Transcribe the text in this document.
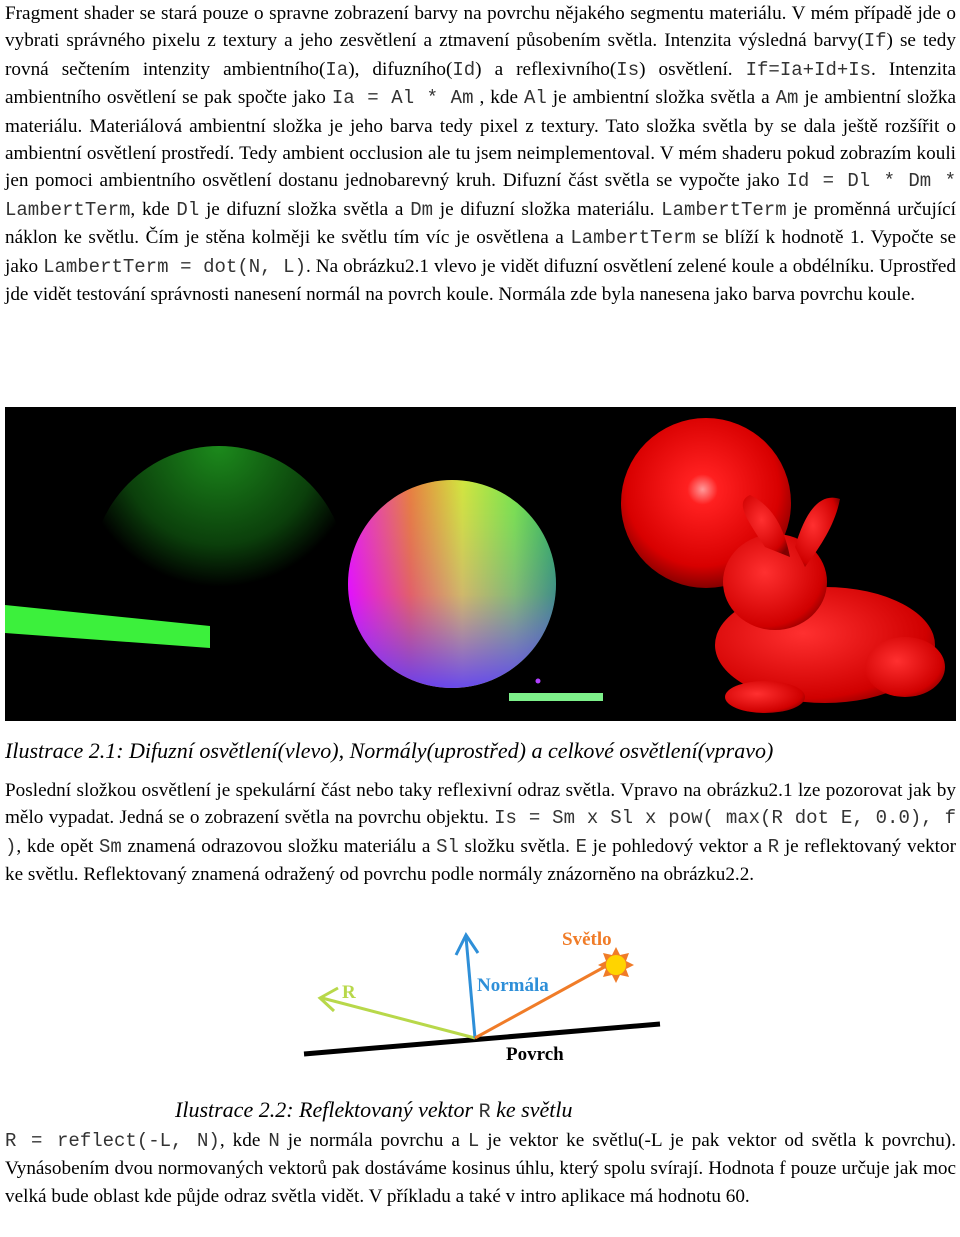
Fragment shader se stará pouze o spravne zobrazení barvy na povrchu nějakého segmentu materiálu. V mém případě jde o vybrati správného pixelu z textury a jeho zesvětlení a ztmavení působením světla. Intenzita výsledná barvy(If) se tedy rovná sečtením intenzity ambientního(Ia), difuzního(Id) a reflexivního(Is) osvětlení. If=Ia+Id+Is. Intenzita ambientního osvětlení se pak spočte jako Ia = Al * Am , kde Al je ambientní složka světla a Am je ambientní složka materiálu. Materiálová ambientní složka je jeho barva tedy pixel z textury. Tato složka světla by se dala ještě rozšířit o ambientní osvětlení prostředí. Tedy ambient occlusion ale tu jsem neimplementoval. V mém shaderu pokud zobrazím kouli jen pomoci ambientního osvětlení dostanu jednobarevný kruh. Difuzní část světla se vypočte jako Id = Dl * Dm * LambertTerm, kde Dl je difuzní složka světla a Dm je difuzní složka materiálu. LambertTerm je proměnná určující náklon ke světlu. Čím je stěna kolměji ke světlu tím víc je osvětlena a LambertTerm se blíží k hodnotě 1. Vypočte se jako LambertTerm = dot(N, L). Na obrázku2.1 vlevo je vidět difuzní osvětlení zelené koule a obdélníku. Uprostřed jde vidět testování správnosti nanesení normál na povrch koule. Normála zde byla nanesena jako barva povrchu koule.
Ilustrace 2.1: Difuzní osvětlení(vlevo), Normály(uprostřed) a celkové osvětlení(vpravo)
Poslední složkou osvětlení je spekulární část nebo taky reflexivní odraz světla. Vpravo na obrázku2.1 lze pozorovat jak by mělo vypadat. Jedná se o zobrazení světla na povrchu objektu. Is = Sm x Sl x pow( max(R dot E, 0.0), f ), kde opět Sm znamená odrazovou složku materiálu a Sl složku světla. E je pohledový vektor a R je reflektovaný vektor ke světlu. Reflektovaný znamená odražený od povrchu podle normály znázorněno na obrázku2.2.
Světlo
Normála
R
Povrch
Ilustrace 2.2: Reflektovaný vektor R ke světlu
R = reflect(-L, N), kde N je normála povrchu a L je vektor ke světlu(-L je pak vektor od světla k povrchu). Vynásobením dvou normovaných vektorů pak dostáváme kosinus úhlu, který spolu svírají. Hodnota f pouze určuje jak moc velká bude oblast kde půjde odraz světla vidět. V příkladu a také v intro aplikace má hodnotu 60.
